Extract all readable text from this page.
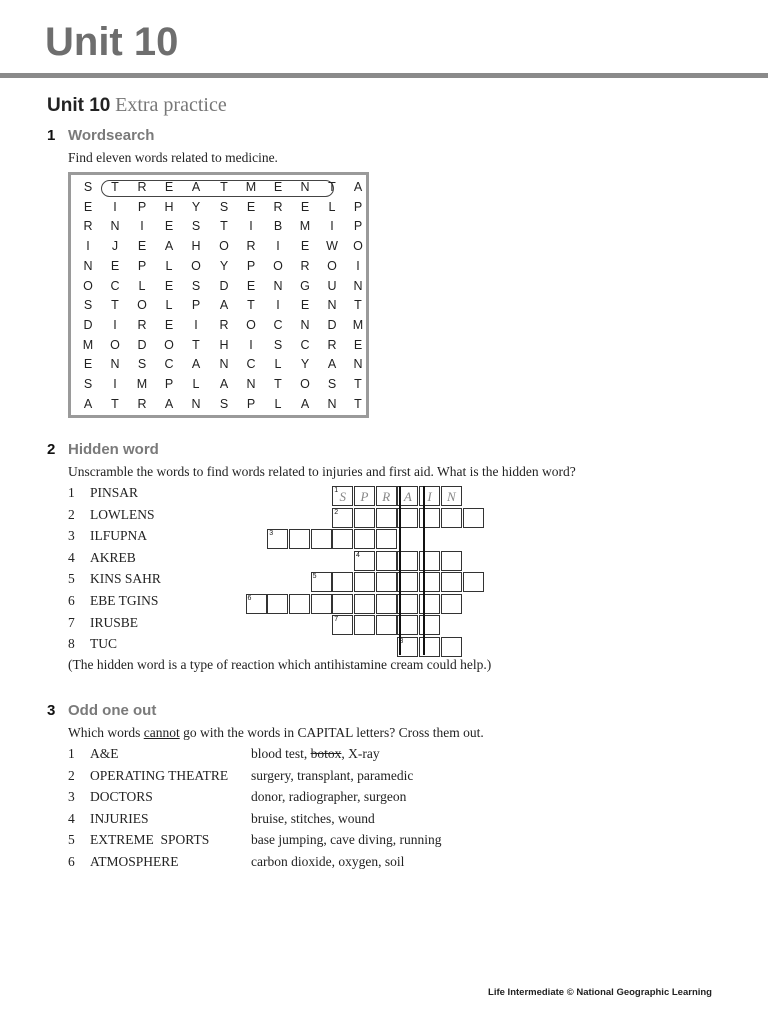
Unit 10
Unit 10 Extra practice
1 Wordsearch
Find eleven words related to medicine.
S	T	R	E	A	T	M	E	N	T	A
E	I	P	H	Y	S	E	R	E	L	P
R	N	I	E	S	T	I	B	M	I	P
I	J	E	A	H	O	R	I	E	W	O
N	E	P	L	O	Y	P	O	R	O	I
O	C	L	E	S	D	E	N	G	U	N
S	T	O	L	P	A	T	I	E	N	T
D	I	R	E	I	R	O	C	N	D	M
M	O	D	O	T	H	I	S	C	R	E
E	N	S	C	A	N	C	L	Y	A	N
S	I	M	P	L	A	N	T	O	S	T
A	T	R	A	N	S	P	L	A	N	T
2 Hidden word
Unscramble the words to find words related to injuries and first aid. What is the hidden word?
1	PINSAR
2	LOWLENS
3	ILFUPNA
4	AKREB
5	KINS SAHR
6	EBE TGINS
7	IRUSBE
8	TUC
1 S	P	R	A	I	N
2
3
4
5
6
7
8
(The hidden word is a type of reaction which antihistamine cream could help.)
3 Odd one out
Which words cannot go with the words in CAPITAL letters? Cross them out.
1	A&E	blood test, botox, X-ray
2	OPERATING THEATRE surgery, transplant, paramedic
3	DOCTORS	donor, radiographer, surgeon
4	INJURIES	bruise, stitches, wound
5	EXTREME  SPORTS	base jumping, cave diving, running
6	ATMOSPHERE	carbon dioxide, oxygen, soil
Life Intermediate © National Geographic Learning
